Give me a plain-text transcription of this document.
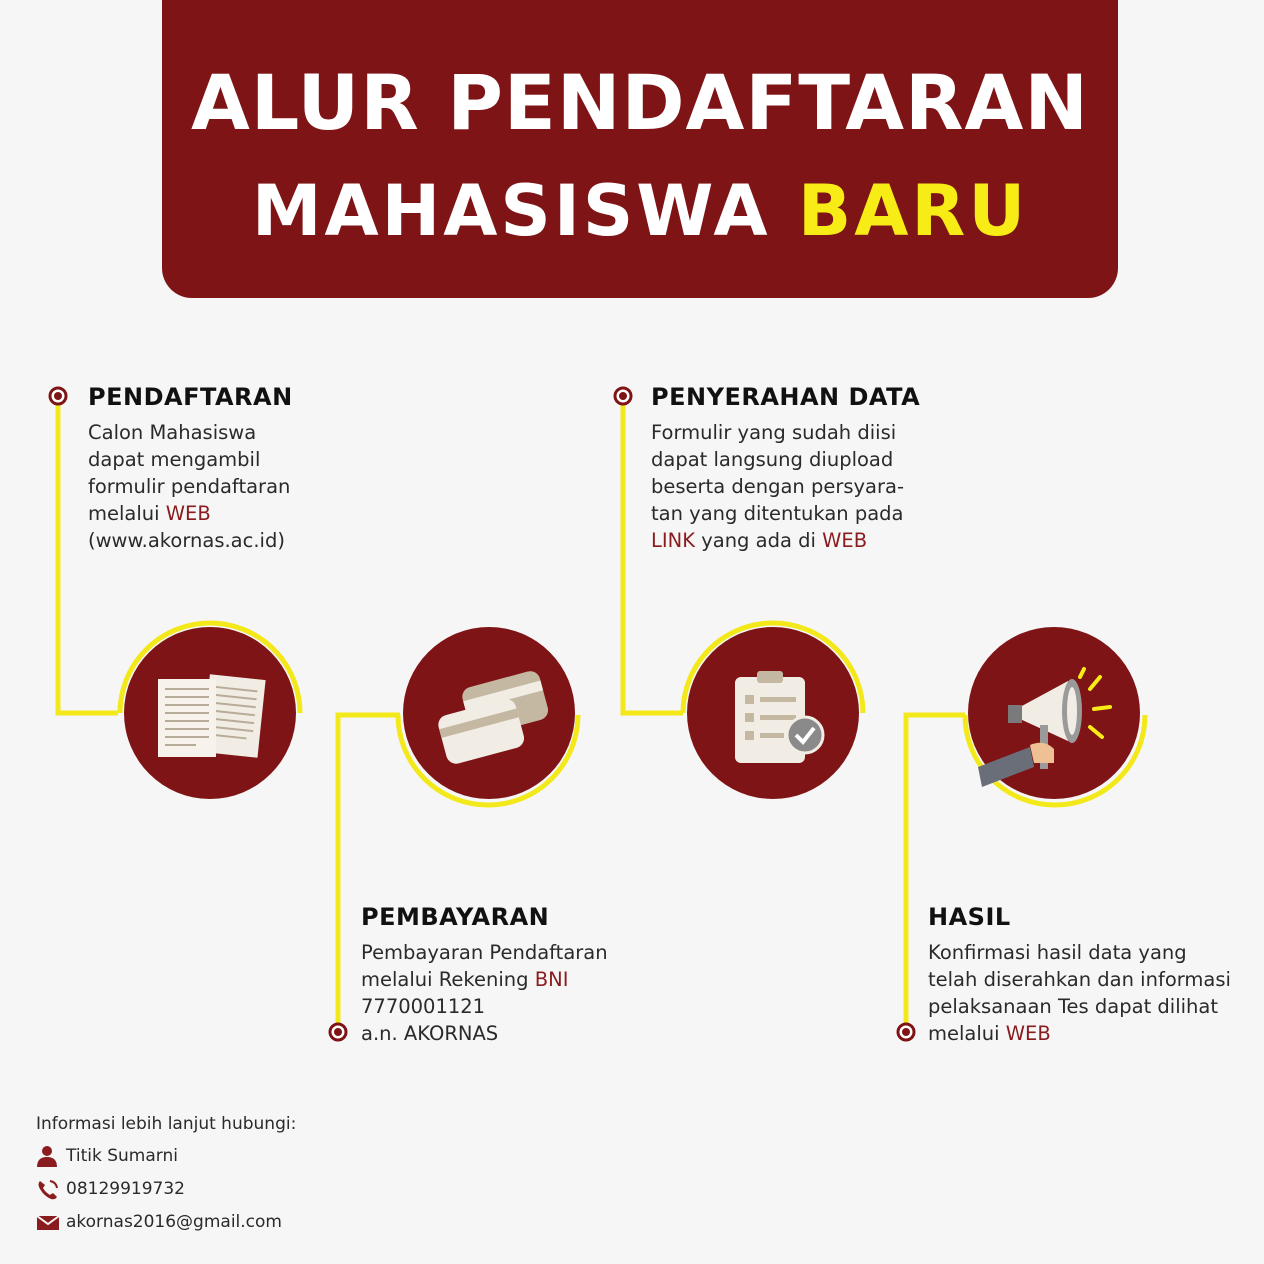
ALUR PENDAFTARAN
MAHASISWA BARU
PENDAFTARAN
Calon Mahasiswa
dapat mengambil
formulir pendaftaran
melalui WEB
(www.akornas.ac.id)
PEMBAYARAN
Pembayaran Pendaftaran
melalui Rekening BNI
7770001121
a.n. AKORNAS
PENYERAHAN DATA
Formulir yang sudah diisi
dapat langsung diupload
beserta dengan persyara-
tan yang ditentukan pada
LINK yang ada di WEB
HASIL
Konfirmasi hasil data yang
telah diserahkan dan informasi
pelaksanaan Tes dapat dilihat
melalui WEB
Informasi lebih lanjut hubungi:
Titik Sumarni
08129919732
akornas2016@gmail.com
